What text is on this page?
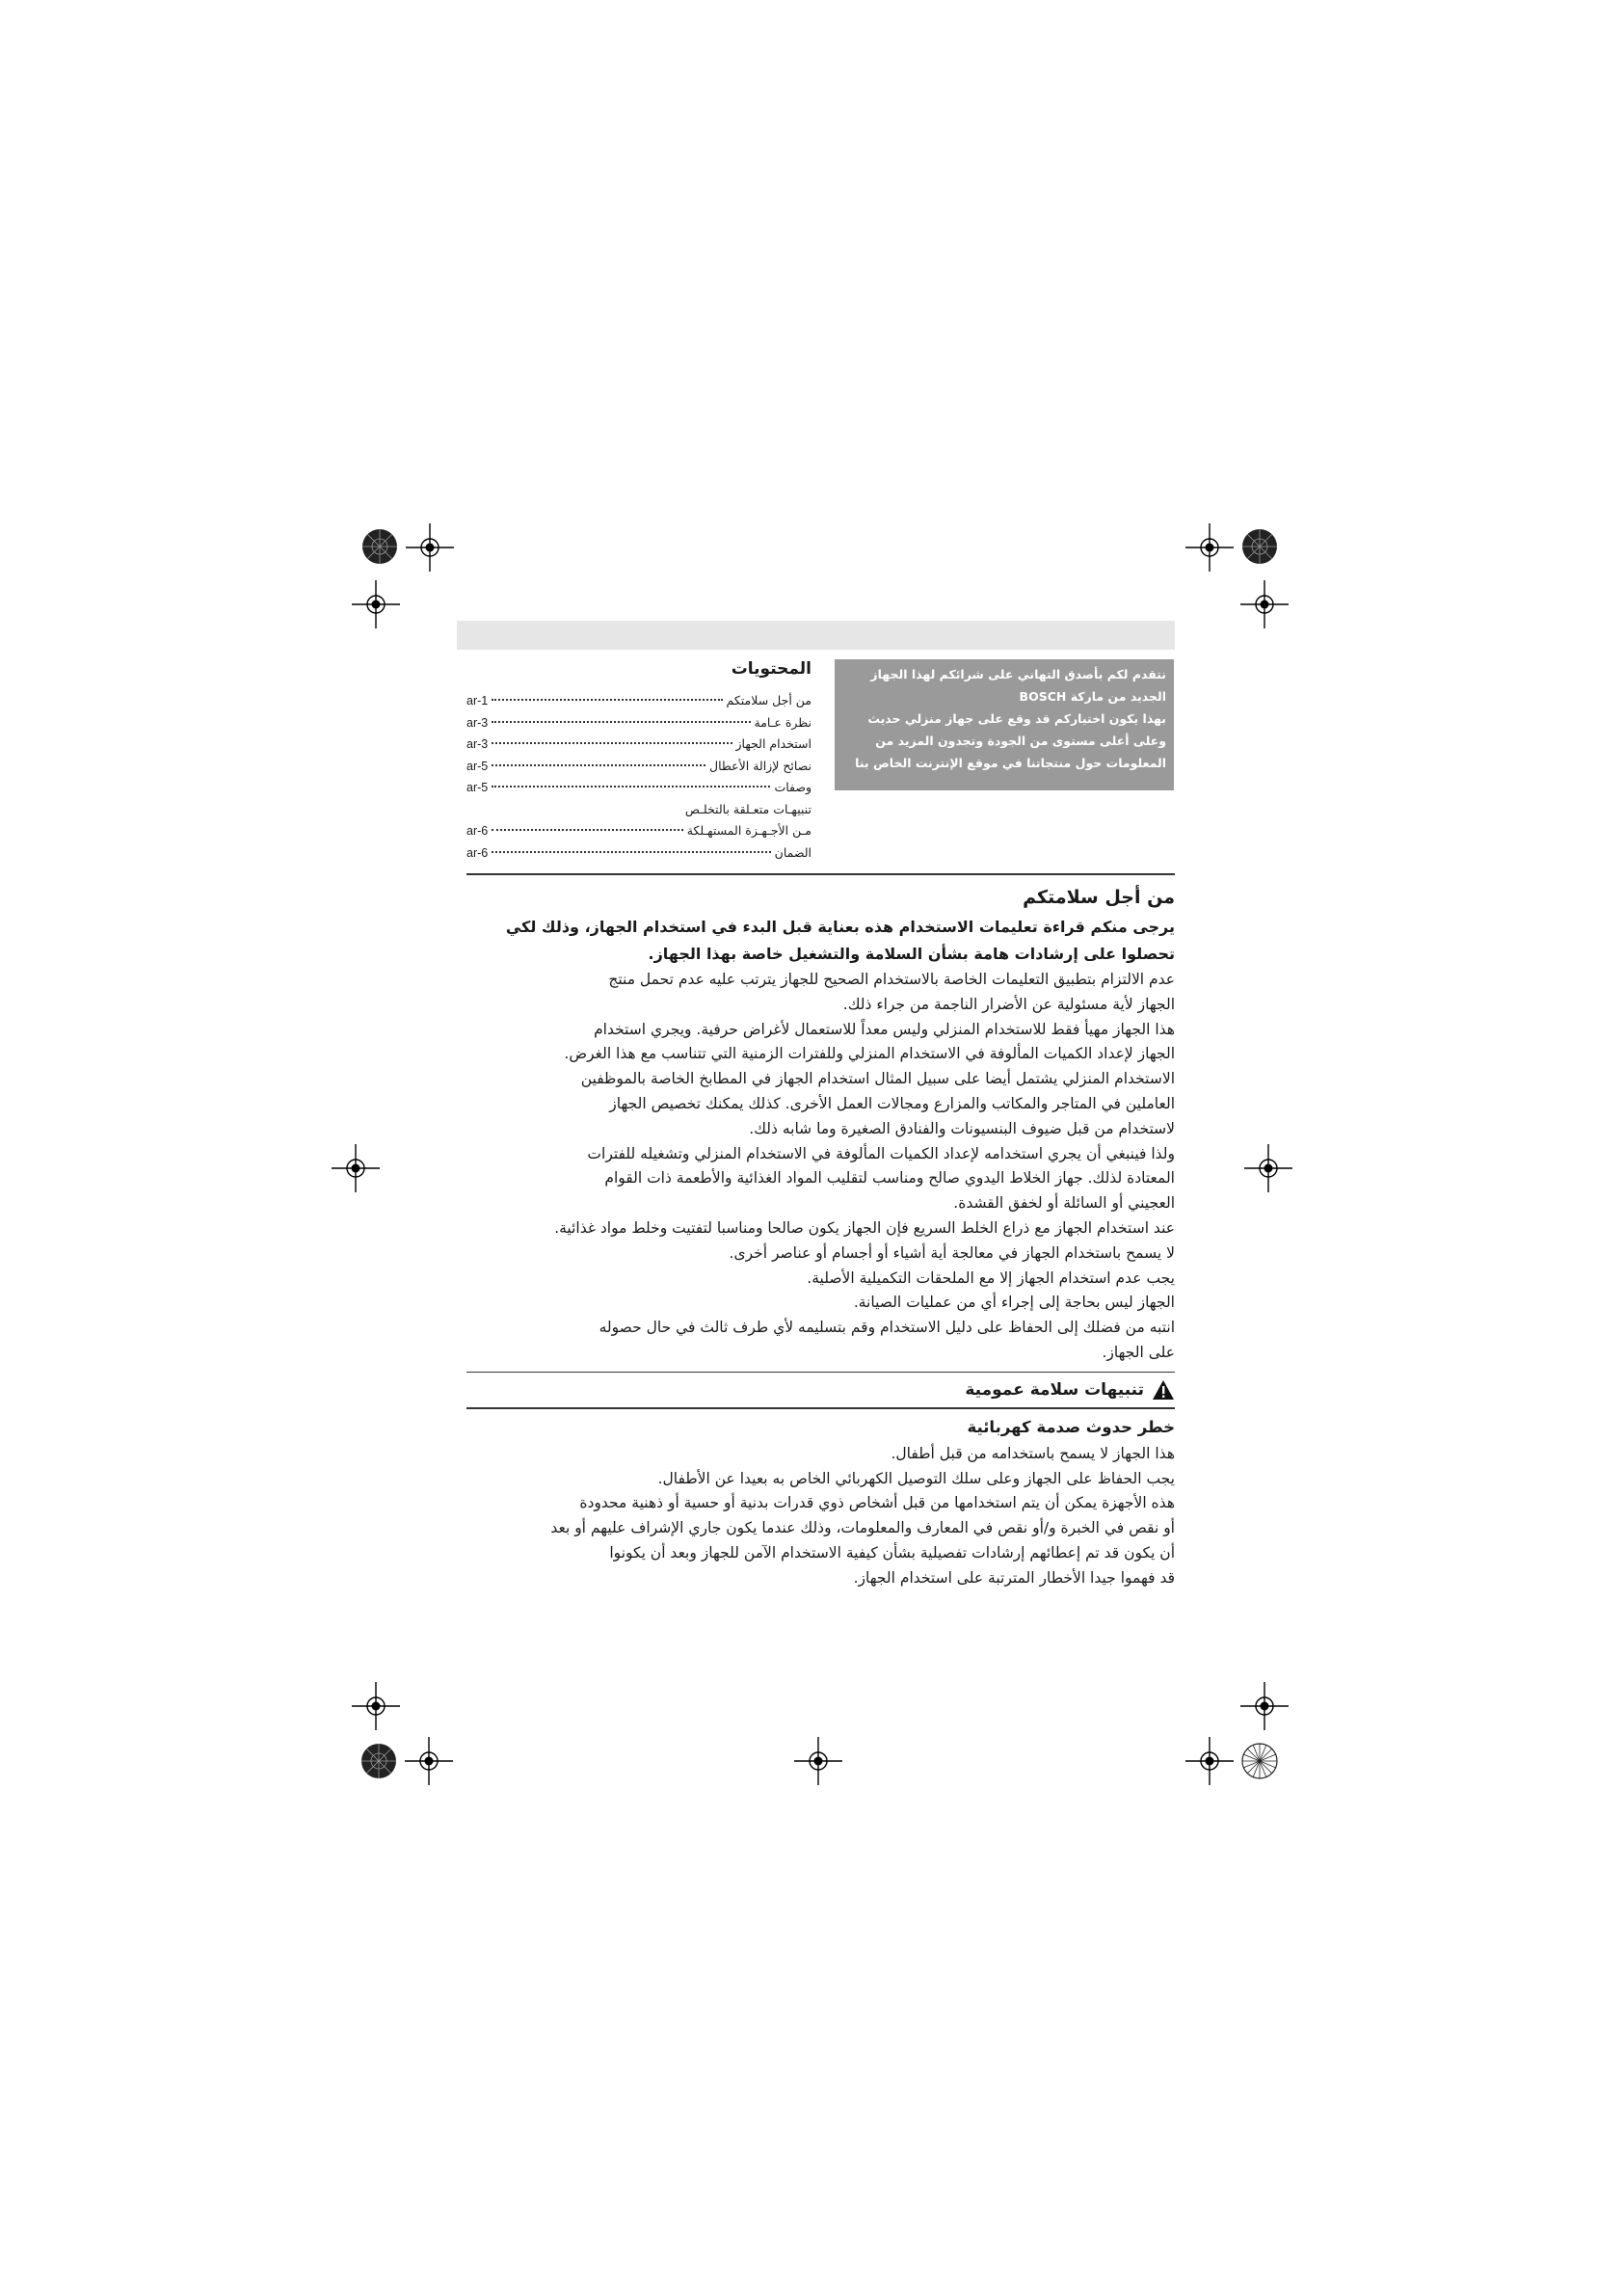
نتقدم لكم بأصدق التهاني على شرائكم لهذا الجهاز
الجديد من ماركة BOSCH
بهذا يكون اختياركم قد وقع على جهاز منزلي حديث
وعلى أعلى مستوى من الجودة وتجدون المزيد من
المعلومات حول منتجاتنا في موقع الإنترنت الخاص بنا
المحتويات
من أجل سلامتكم
ar-1
نظرة عـامة
ar-3
استخدام الجهاز
ar-3
نصائح لإزالة الأعطال
ar-5
وصفات
ar-5
تنبيهـات متعـلقة بالتخلـص
مـن الأجـهـزة المستهـلكة
ar-6
الضمان
ar-6
من أجل سلامتكم
يرجى منكم قراءة تعليمات الاستخدام هذه بعناية قبل البدء في استخدام الجهاز، وذلك لكي
تحصلوا على إرشادات هامة بشأن السلامة والتشغيل خاصة بهذا الجهاز.
عدم الالتزام بتطبيق التعليمات الخاصة بالاستخدام الصحيح للجهاز يترتب عليه عدم تحمل منتج
الجهاز لأية مسئولية عن الأضرار الناجمة من جراء ذلك.
هذا الجهاز مهيأ فقط للاستخدام المنزلي وليس معداً للاستعمال لأغراض حرفية. ويجري استخدام
الجهاز لإعداد الكميات المألوفة في الاستخدام المنزلي وللفترات الزمنية التي تتناسب مع هذا الغرض.
الاستخدام المنزلي يشتمل أيضا على سبيل المثال استخدام الجهاز في المطابخ الخاصة بالموظفين
العاملين في المتاجر والمكاتب والمزارع ومجالات العمل الأخرى. كذلك يمكنك تخصيص الجهاز
لاستخدام من قبل ضيوف البنسيونات والفنادق الصغيرة وما شابه ذلك.
ولذا فينبغي أن يجري استخدامه لإعداد الكميات المألوفة في الاستخدام المنزلي وتشغيله للفترات
المعتادة لذلك. جهاز الخلاط اليدوي صالح ومناسب لتقليب المواد الغذائية والأطعمة ذات القوام
العجيني أو السائلة أو لخفق القشدة.
عند استخدام الجهاز مع ذراع الخلط السريع فإن الجهاز يكون صالحا ومناسبا لتفتيت وخلط مواد غذائية.
لا يسمح باستخدام الجهاز في معالجة أية أشياء أو أجسام أو عناصر أخرى.
يجب عدم استخدام الجهاز إلا مع الملحقات التكميلية الأصلية.
الجهاز ليس بحاجة إلى إجراء أي من عمليات الصيانة.
انتبه من فضلك إلى الحفاظ على دليل الاستخدام وقم بتسليمه لأي طرف ثالث في حال حصوله
على الجهاز.
تنبيهات سلامة عمومية
خطر حدوث صدمة كهربائية
هذا الجهاز لا يسمح باستخدامه من قبل أطفال.
يجب الحفاظ على الجهاز وعلى سلك التوصيل الكهربائي الخاص به بعيدا عن الأطفال.
هذه الأجهزة يمكن أن يتم استخدامها من قبل أشخاص ذوي قدرات بدنية أو حسية أو ذهنية محدودة
أو نقص في الخبرة و/أو نقص في المعارف والمعلومات، وذلك عندما يكون جاري الإشراف عليهم أو بعد
أن يكون قد تم إعطائهم إرشادات تفصيلية بشأن كيفية الاستخدام الآمن للجهاز وبعد أن يكونوا
قد فهموا جيدا الأخطار المترتبة على استخدام الجهاز.
